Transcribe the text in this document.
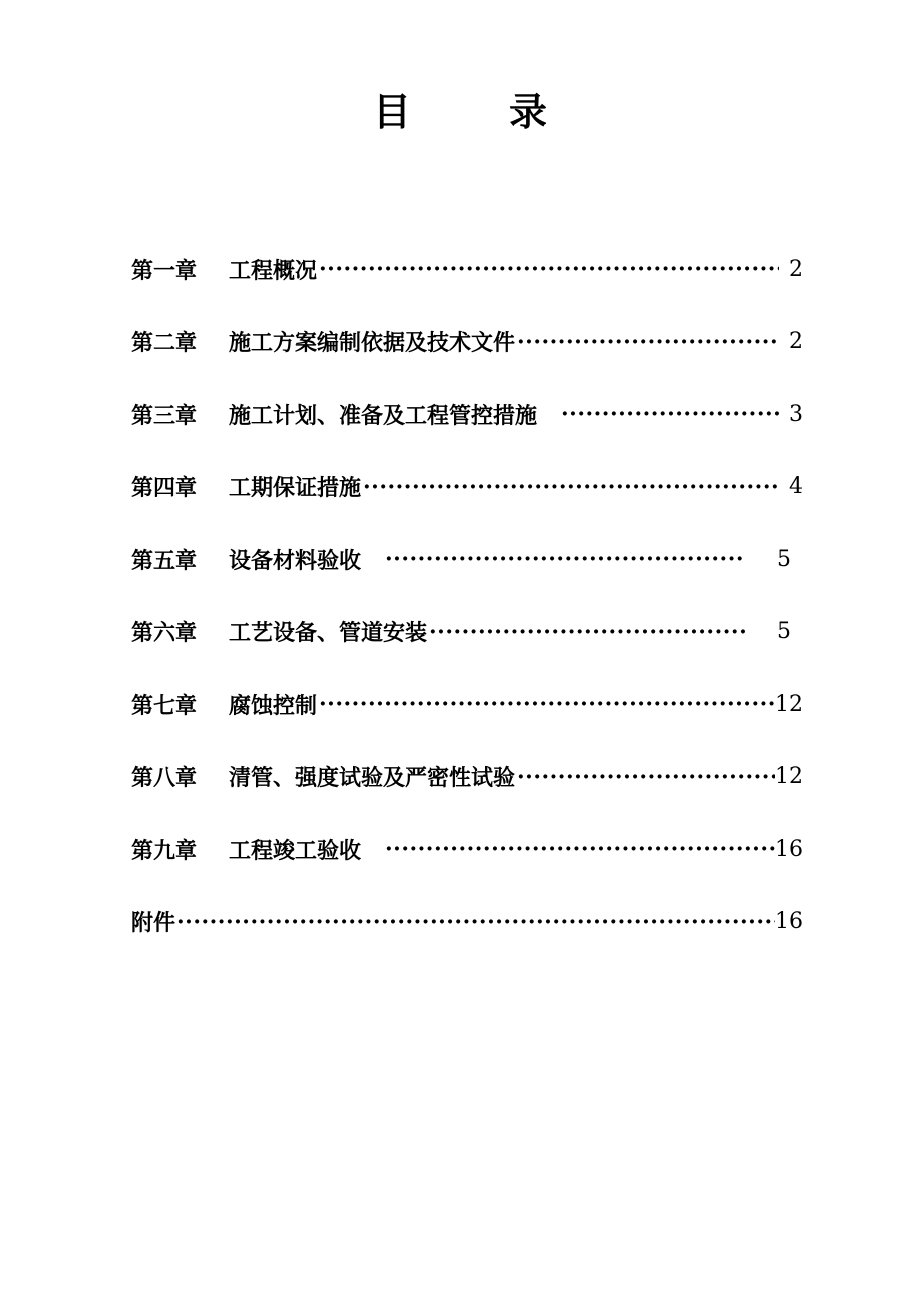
目	录
第一章	工程概况 ·····	2
第二章	施工方案编制依据及技术文件 ·····	2
第三章	施工计划、准备及工程管控措施 ·····	3
第四章	工期保证措施 ·····	4
第五章	设备材料验收 ·····	5
第六章	工艺设备、管道安装 ·····	5
第七章	腐蚀控制 ·····	12
第八章	清管、强度试验及严密性试验 ·····	12
第九章	工程竣工验收 ·····	16
附件 ·····	16
